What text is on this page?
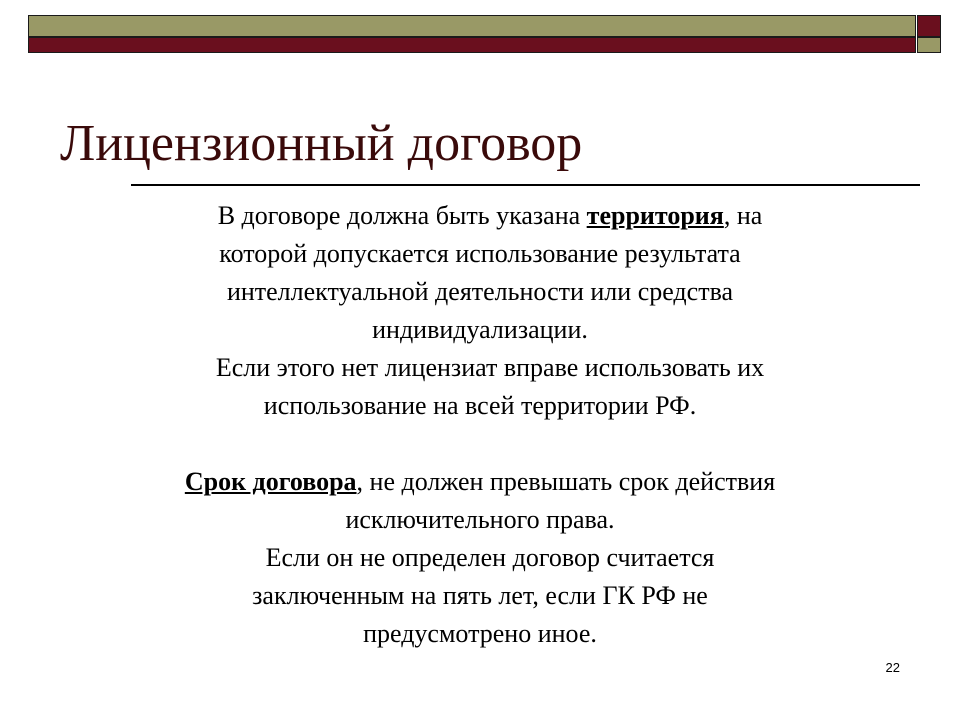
Лицензионный договор

В договоре должна быть указана территория, на

которой допускается использование результата

интеллектуальной деятельности или средства

индивидуализации.

Если этого нет лицензиат вправе использовать их

использование на всей территории РФ.

Срок договора, не должен превышать срок действия

исключительного права.

Если он не определен договор считается

заключенным на пять лет, если ГК РФ не

предусмотрено иное.

22
